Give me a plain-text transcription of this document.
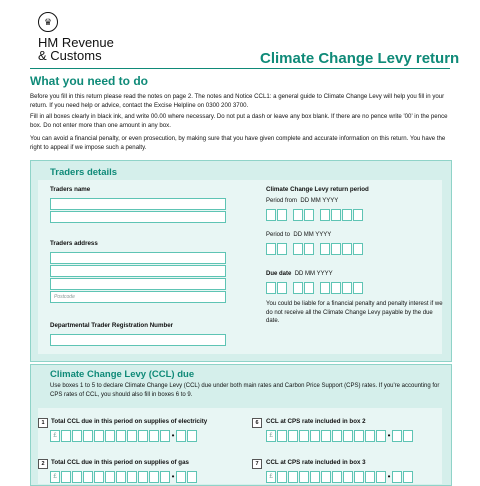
♛
HM Revenue
& Customs	Climate Change Levy return
What you need to do
Before you fill in this return please read the notes on page 2. The notes and Notice CCL1: a general guide to Climate Change Levy will help you fill in your return. If you need help or advice, contact the Excise Helpline on 0300 200 3700.
Fill in all boxes clearly in black ink, and write 00.00 where necessary. Do not put a dash or leave any box blank. If there are no pence write '00' in the pence box. Do not enter more than one amount in any box.
You can avoid a financial penalty, or even prosecution, by making sure that you have given complete and accurate information on this return. You have the right to appeal if we impose such a penalty.
Traders details
Traders name
Traders address
Postcode
Departmental Trader Registration Number
Climate Change Levy return period
Period from DD MM YYYY
Period to DD MM YYYY
Due date DD MM YYYY
You could be liable for a financial penalty and penalty interest if we do not receive all the Climate Change Levy payable by the due date.
Climate Change Levy (CCL) due
Use boxes 1 to 5 to declare Climate Change Levy (CCL) due under both main rates and Carbon Price Support (CPS) rates. If you're accounting for CPS rates of CCL, you should also fill in boxes 6 to 9.
1	Total CCL due in this period on supplies of electricity
£	•
6	CCL at CPS rate included in box 2
£	•
2	Total CCL due in this period on supplies of gas
£	•
7	CCL at CPS rate included in box 3
£	•
